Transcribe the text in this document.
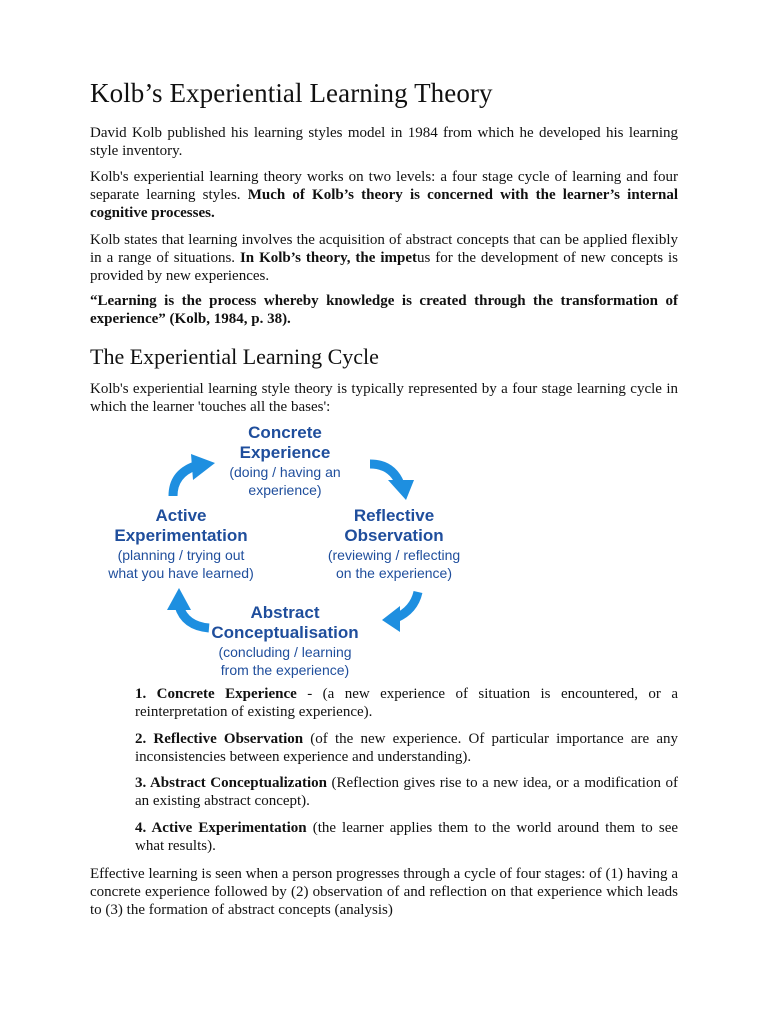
Kolb’s Experiential Learning Theory

David Kolb published his learning styles model in 1984 from which he developed his learning style inventory.

Kolb's experiential learning theory works on two levels: a four stage cycle of learning and four separate learning styles. Much of Kolb’s theory is concerned with the learner’s internal cognitive processes.

Kolb states that learning involves the acquisition of abstract concepts that can be applied flexibly in a range of situations. In Kolb’s theory, the impetus for the development of new concepts is provided by new experiences.

“Learning is the process whereby knowledge is created through the transformation of experience” (Kolb, 1984, p. 38).

The Experiential Learning Cycle

Kolb's experiential learning style theory is typically represented by a four stage learning cycle in which the learner 'touches all the bases':

1. Concrete Experience - (a new experience of situation is encountered, or a reinterpretation of existing experience).

2. Reflective Observation (of the new experience. Of particular importance are any inconsistencies between experience and understanding).

3. Abstract Conceptualization (Reflection gives rise to a new idea, or a modification of an existing abstract concept).

4. Active Experimentation (the learner applies them to the world around them to see what results).

Effective learning is seen when a person progresses through a cycle of four stages: of (1) having a concrete experience followed by (2) observation of and reflection on that experience which leads to (3) the formation of abstract concepts (analysis)

Concrete
Experience
(doing / having an
experience)
Active
Experimentation
(planning / trying out
what you have learned)
Reflective
Observation
(reviewing / reflecting
on the experience)
Abstract
Conceptualisation
(concluding / learning
from the experience)
